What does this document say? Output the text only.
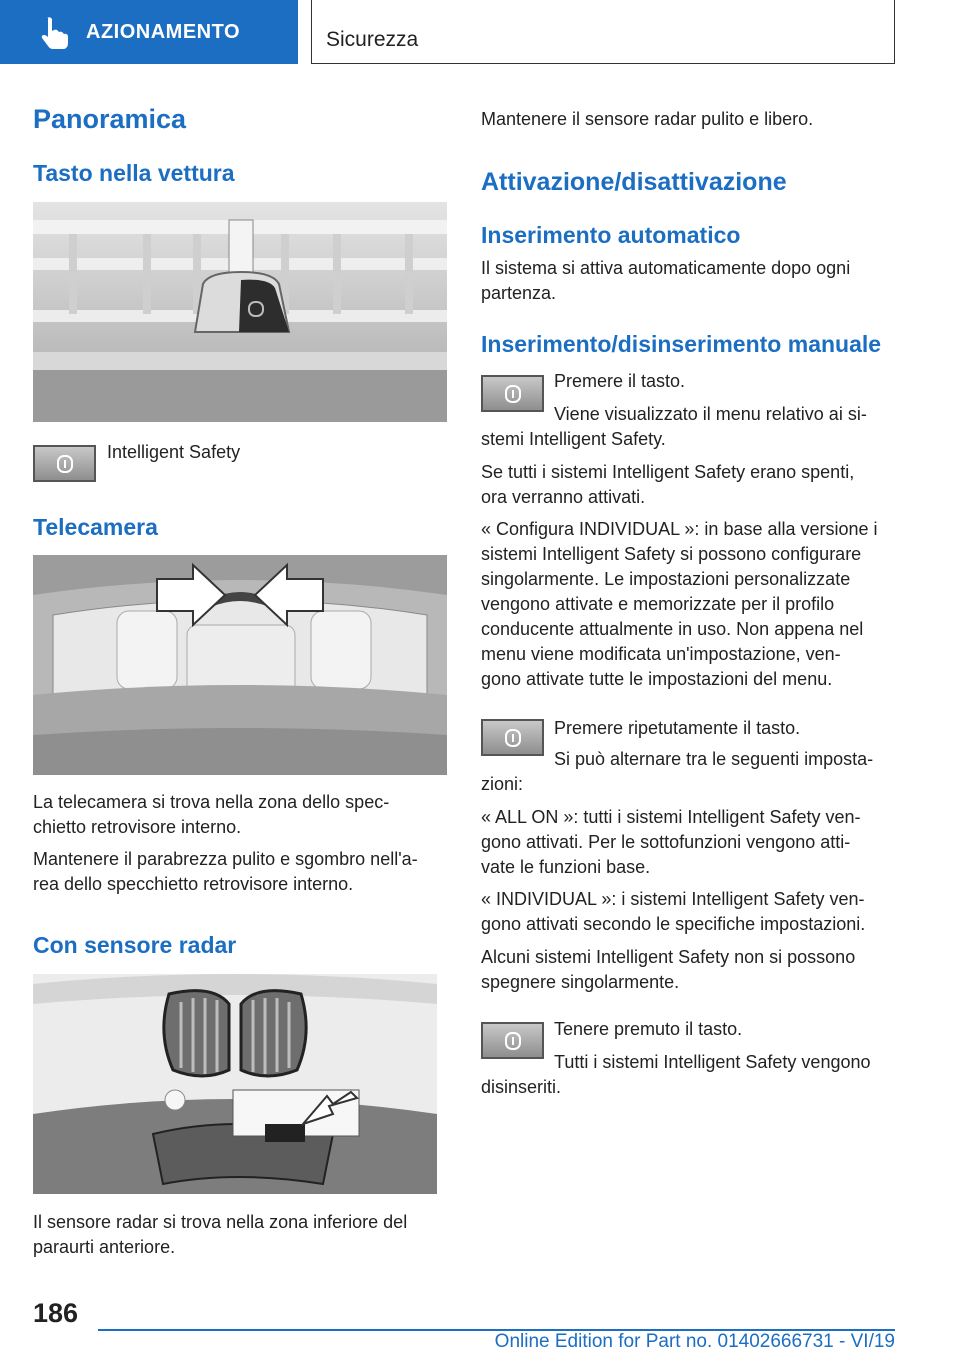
AZIONAMENTO	Sicurezza
Panoramica
Tasto nella vettura
Intelligent Safety
Telecamera
La telecamera si trova nella zona dello spec-
chietto retrovisore interno.
Mantenere il parabrezza pulito e sgombro nell'a-
rea dello specchietto retrovisore interno.
Con sensore radar
Il sensore radar si trova nella zona inferiore del
paraurti anteriore.
Mantenere il sensore radar pulito e libero.
Attivazione/disattivazione
Inserimento automatico
Il sistema si attiva automaticamente dopo ogni
partenza.
Inserimento/disinserimento manuale
Premere il tasto.
Viene visualizzato il menu relativo ai si-
stemi Intelligent Safety.
Se tutti i sistemi Intelligent Safety erano spenti,
ora verranno attivati.
« Configura INDIVIDUAL »: in base alla versione i
sistemi Intelligent Safety si possono configurare
singolarmente. Le impostazioni personalizzate
vengono attivate e memorizzate per il profilo
conducente attualmente in uso. Non appena nel
menu viene modificata un'impostazione, ven-
gono attivate tutte le impostazioni del menu.
Premere ripetutamente il tasto.
Si può alternare tra le seguenti imposta-
zioni:
« ALL ON »: tutti i sistemi Intelligent Safety ven-
gono attivati. Per le sottofunzioni vengono atti-
vate le funzioni base.
« INDIVIDUAL »: i sistemi Intelligent Safety ven-
gono attivati secondo le specifiche impostazioni.
Alcuni sistemi Intelligent Safety non si possono
spegnere singolarmente.
Tenere premuto il tasto.
Tutti i sistemi Intelligent Safety vengono
disinseriti.
186
Online Edition for Part no. 01402666731 - VI/19
